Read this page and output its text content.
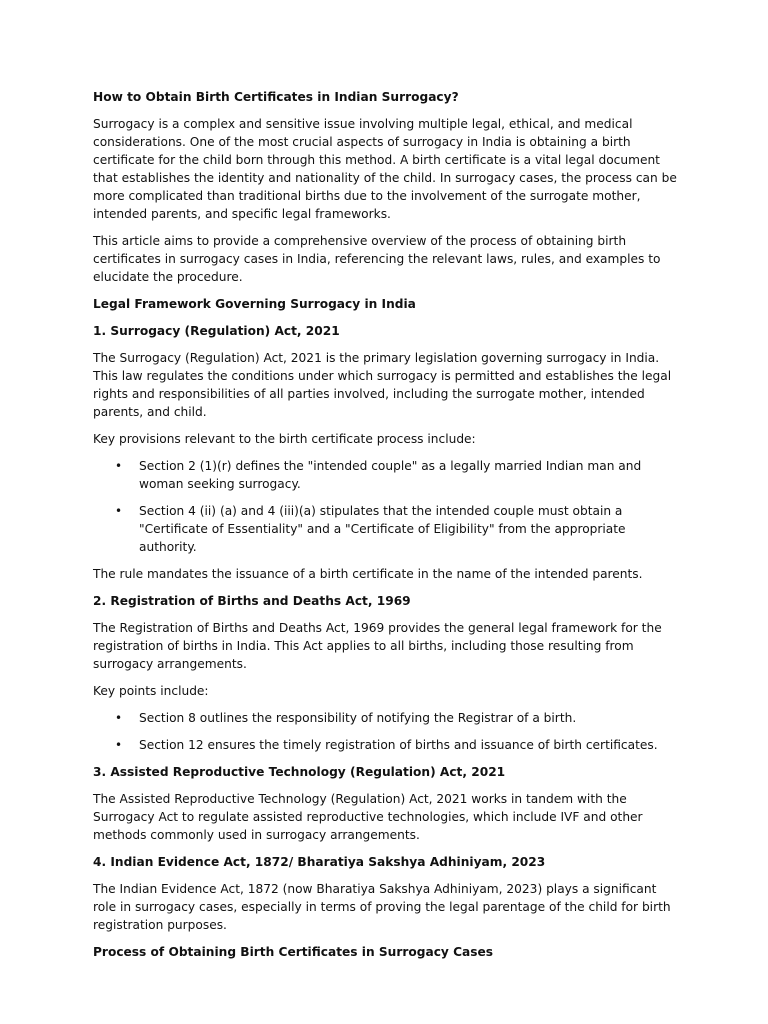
How to Obtain Birth Certificates in Indian Surrogacy?

Surrogacy is a complex and sensitive issue involving multiple legal, ethical, and medical considerations. One of the most crucial aspects of surrogacy in India is obtaining a birth certificate for the child born through this method. A birth certificate is a vital legal document that establishes the identity and nationality of the child. In surrogacy cases, the process can be more complicated than traditional births due to the involvement of the surrogate mother, intended parents, and specific legal frameworks.

This article aims to provide a comprehensive overview of the process of obtaining birth certificates in surrogacy cases in India, referencing the relevant laws, rules, and examples to elucidate the procedure.

Legal Framework Governing Surrogacy in India
1. Surrogacy (Regulation) Act, 2021

The Surrogacy (Regulation) Act, 2021 is the primary legislation governing surrogacy in India. This law regulates the conditions under which surrogacy is permitted and establishes the legal rights and responsibilities of all parties involved, including the surrogate mother, intended parents, and child.

Key provisions relevant to the birth certificate process include:

• Section 2 (1)(r) defines the "intended couple" as a legally married Indian man and woman seeking surrogacy.
• Section 4 (ii) (a) and 4 (iii)(a) stipulates that the intended couple must obtain a "Certificate of Essentiality" and a "Certificate of Eligibility" from the appropriate authority.

The rule mandates the issuance of a birth certificate in the name of the intended parents.

2. Registration of Births and Deaths Act, 1969

The Registration of Births and Deaths Act, 1969 provides the general legal framework for the registration of births in India. This Act applies to all births, including those resulting from surrogacy arrangements.

Key points include:

• Section 8 outlines the responsibility of notifying the Registrar of a birth.
• Section 12 ensures the timely registration of births and issuance of birth certificates.
3. Assisted Reproductive Technology (Regulation) Act, 2021

The Assisted Reproductive Technology (Regulation) Act, 2021 works in tandem with the Surrogacy Act to regulate assisted reproductive technologies, which include IVF and other methods commonly used in surrogacy arrangements.

4. Indian Evidence Act, 1872/ Bharatiya Sakshya Adhiniyam, 2023

The Indian Evidence Act, 1872 (now Bharatiya Sakshya Adhiniyam, 2023) plays a significant role in surrogacy cases, especially in terms of proving the legal parentage of the child for birth registration purposes.

Process of Obtaining Birth Certificates in Surrogacy Cases
